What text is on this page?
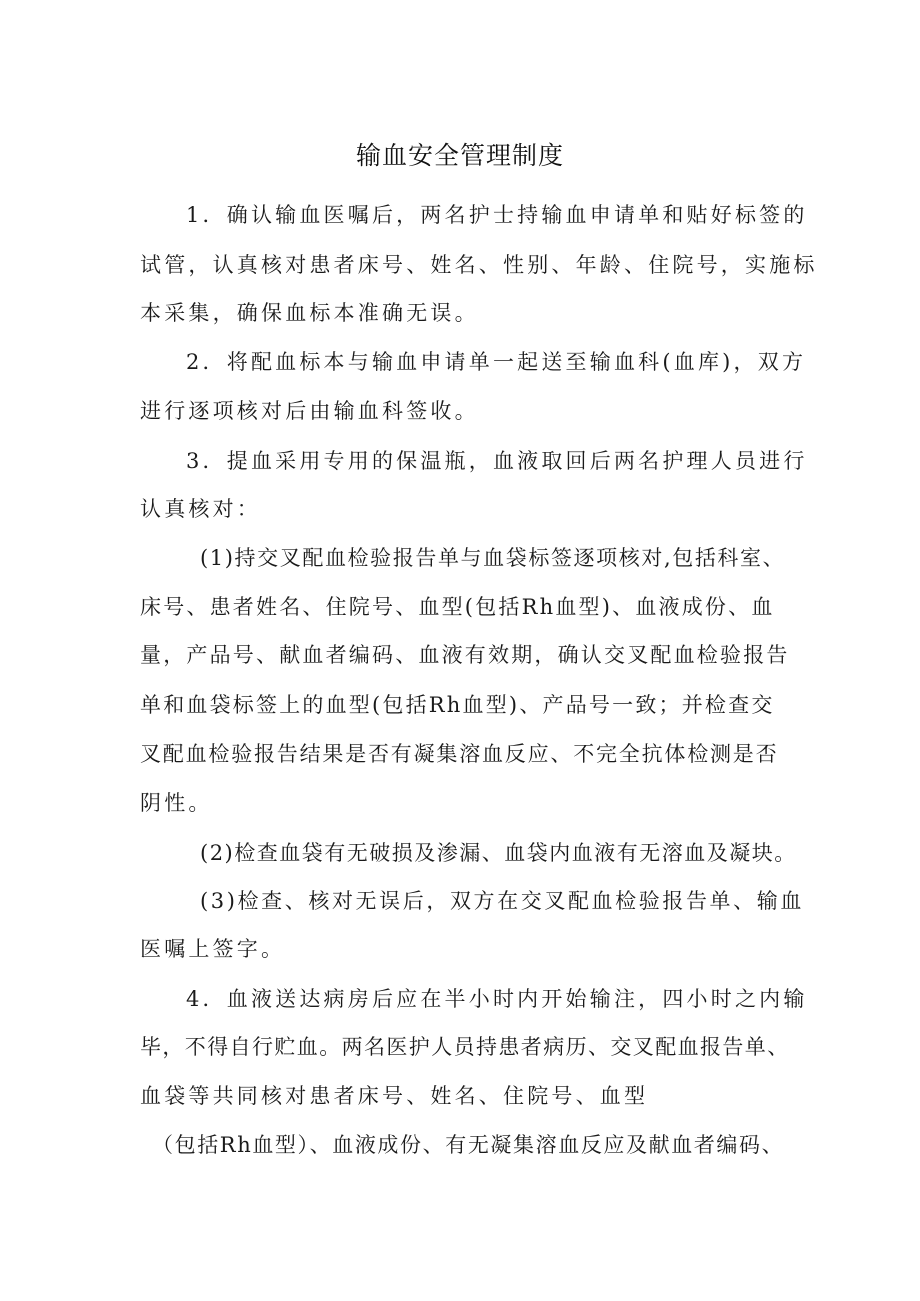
输血安全管理制度
1．确认输血医嘱后，两名护士持输血申请单和贴好标签的
试管，认真核对患者床号、姓名、性别、年龄、住院号，实施标
本采集，确保血标本准确无误。
2．将配血标本与输血申请单一起送至输血科(血库)，双方
进行逐项核对后由输血科签收。
3．提血采用专用的保温瓶，血液取回后两名护理人员进行
认真核对：
(1)持交叉配血检验报告单与血袋标签逐项核对,包括科室、
床号、患者姓名、住院号、血型(包括Rh血型)、血液成份、血
量，产品号、献血者编码、血液有效期，确认交叉配血检验报告
单和血袋标签上的血型(包括Rh血型)、产品号一致；并检查交
叉配血检验报告结果是否有凝集溶血反应、不完全抗体检测是否
阴性。
(2)检查血袋有无破损及渗漏、血袋内血液有无溶血及凝块。
(3)检查、核对无误后，双方在交叉配血检验报告单、输血
医嘱上签字。
4．血液送达病房后应在半小时内开始输注，四小时之内输
毕，不得自行贮血。两名医护人员持患者病历、交叉配血报告单、
血袋等共同核对患者床号、姓名、住院号、血型
（包括Rh血型）、血液成份、有无凝集溶血反应及献血者编码、
